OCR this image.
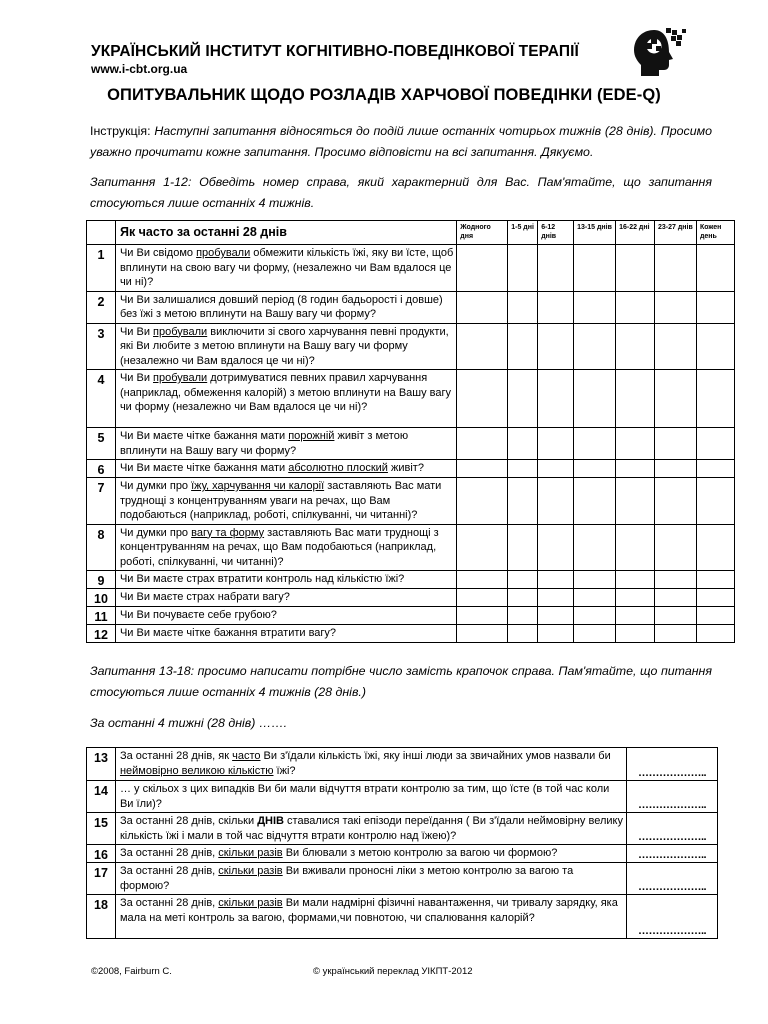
УКРАЇНСЬКИЙ ІНСТИТУТ КОГНІТИВНО-ПОВЕДІНКОВОЇ ТЕРАПІЇ

www.i-cbt.org.ua

ОПИТУВАЛЬНИК ЩОДО РОЗЛАДІВ ХАРЧОВОЇ ПОВЕДІНКИ (EDE-Q)

Інструкція: Наступні запитання відносяться до подій лише останніх чотирьох тижнів (28 днів). Просимо уважно прочитати кожне запитання. Просимо відповісти на всі запитання. Дякуємо.

Запитання 1-12: Обведіть номер справа, який характерний для Вас. Пам'ятайте, що запитання стосуються лише останніх 4 тижнів.

	Як часто за останні 28 днів	Жодного дня	1-5 дні	6-12 днів	13-15 днів	16-22 дні	23-27 днів	Кожен день
1	Чи Ви свідомо пробували обмежити кількість їжі, яку ви їсте, щоб вплинути на свою вагу чи форму, (незалежно чи Вам вдалося це чи ні)?							
2	Чи Ви залишалися довший період (8 годин бадьорості і довше) без їжі з метою вплинути на Вашу вагу чи форму?							
3	Чи Ви пробували виключити зі свого харчування певні продукти, які Ви любите з метою вплинути на Вашу вагу чи форму (незалежно чи Вам вдалося це чи ні)?							
4	Чи Ви пробували дотримуватися певних правил харчування (наприклад, обмеження калорій) з метою вплинути на Вашу вагу чи форму (незалежно чи Вам вдалося це чи ні)?							
5	Чи Ви маєте чітке бажання мати порожній живіт з метою вплинути на Вашу вагу чи форму?							
6	Чи Ви маєте чітке бажання мати абсолютно плоский живіт?							
7	Чи думки про їжу, харчування чи калорії заставляють Вас мати труднощі з концентруванням уваги на речах, що Вам подобаються (наприклад, роботі, спілкуванні, чи читанні)?							
8	Чи думки про вагу та форму заставляють Вас мати труднощі з концентруванням на речах, що Вам подобаються (наприклад, роботі, спілкуванні, чи читанні)?							
9	Чи Ви маєте страх втратити контроль над кількістю їжі?							
10	Чи Ви маєте страх набрати вагу?							
11	Чи Ви почуваєте себе грубою?							
12	Чи Ви маєте чітке бажання втратити вагу?							

Запитання 13-18: просимо написати потрібне число замість крапочок справа. Пам'ятайте, що питання стосуються лише останніх 4 тижнів (28 днів.)

За останні 4 тижні (28 днів) …….

13	За останні 28 днів, як часто Ви з'їдали кількість їжі, яку інші люди за звичайних умов назвали би неймовірно великою кількістю їжі?	………………..
14	… у скільох з цих випадків Ви би мали відчуття втрати контролю за тим, що їсте (в той час коли Ви їли)?	………………..
15	За останні 28 днів, скільки ДНІВ ставалися такі епізоди переїдання ( Ви з'їдали неймовірну велику кількість їжі і мали в той час відчуття втрати контролю над їжею)?	………………..
16	За останні 28 днів, скільки разів Ви блювали з метою контролю за вагою чи формою?	………………..
17	За останні 28 днів, скільки разів Ви вживали проносні ліки з метою контролю за вагою та формою?	………………..
18	За останні 28 днів, скільки разів Ви мали надмірні фізичні навантаження, чи тривалу зарядку, яка мала на меті контроль за вагою, формами,чи повнотою, чи спалювання калорій?	………………..
©2008, Fairburn C.	© український переклад УІКПТ-2012
